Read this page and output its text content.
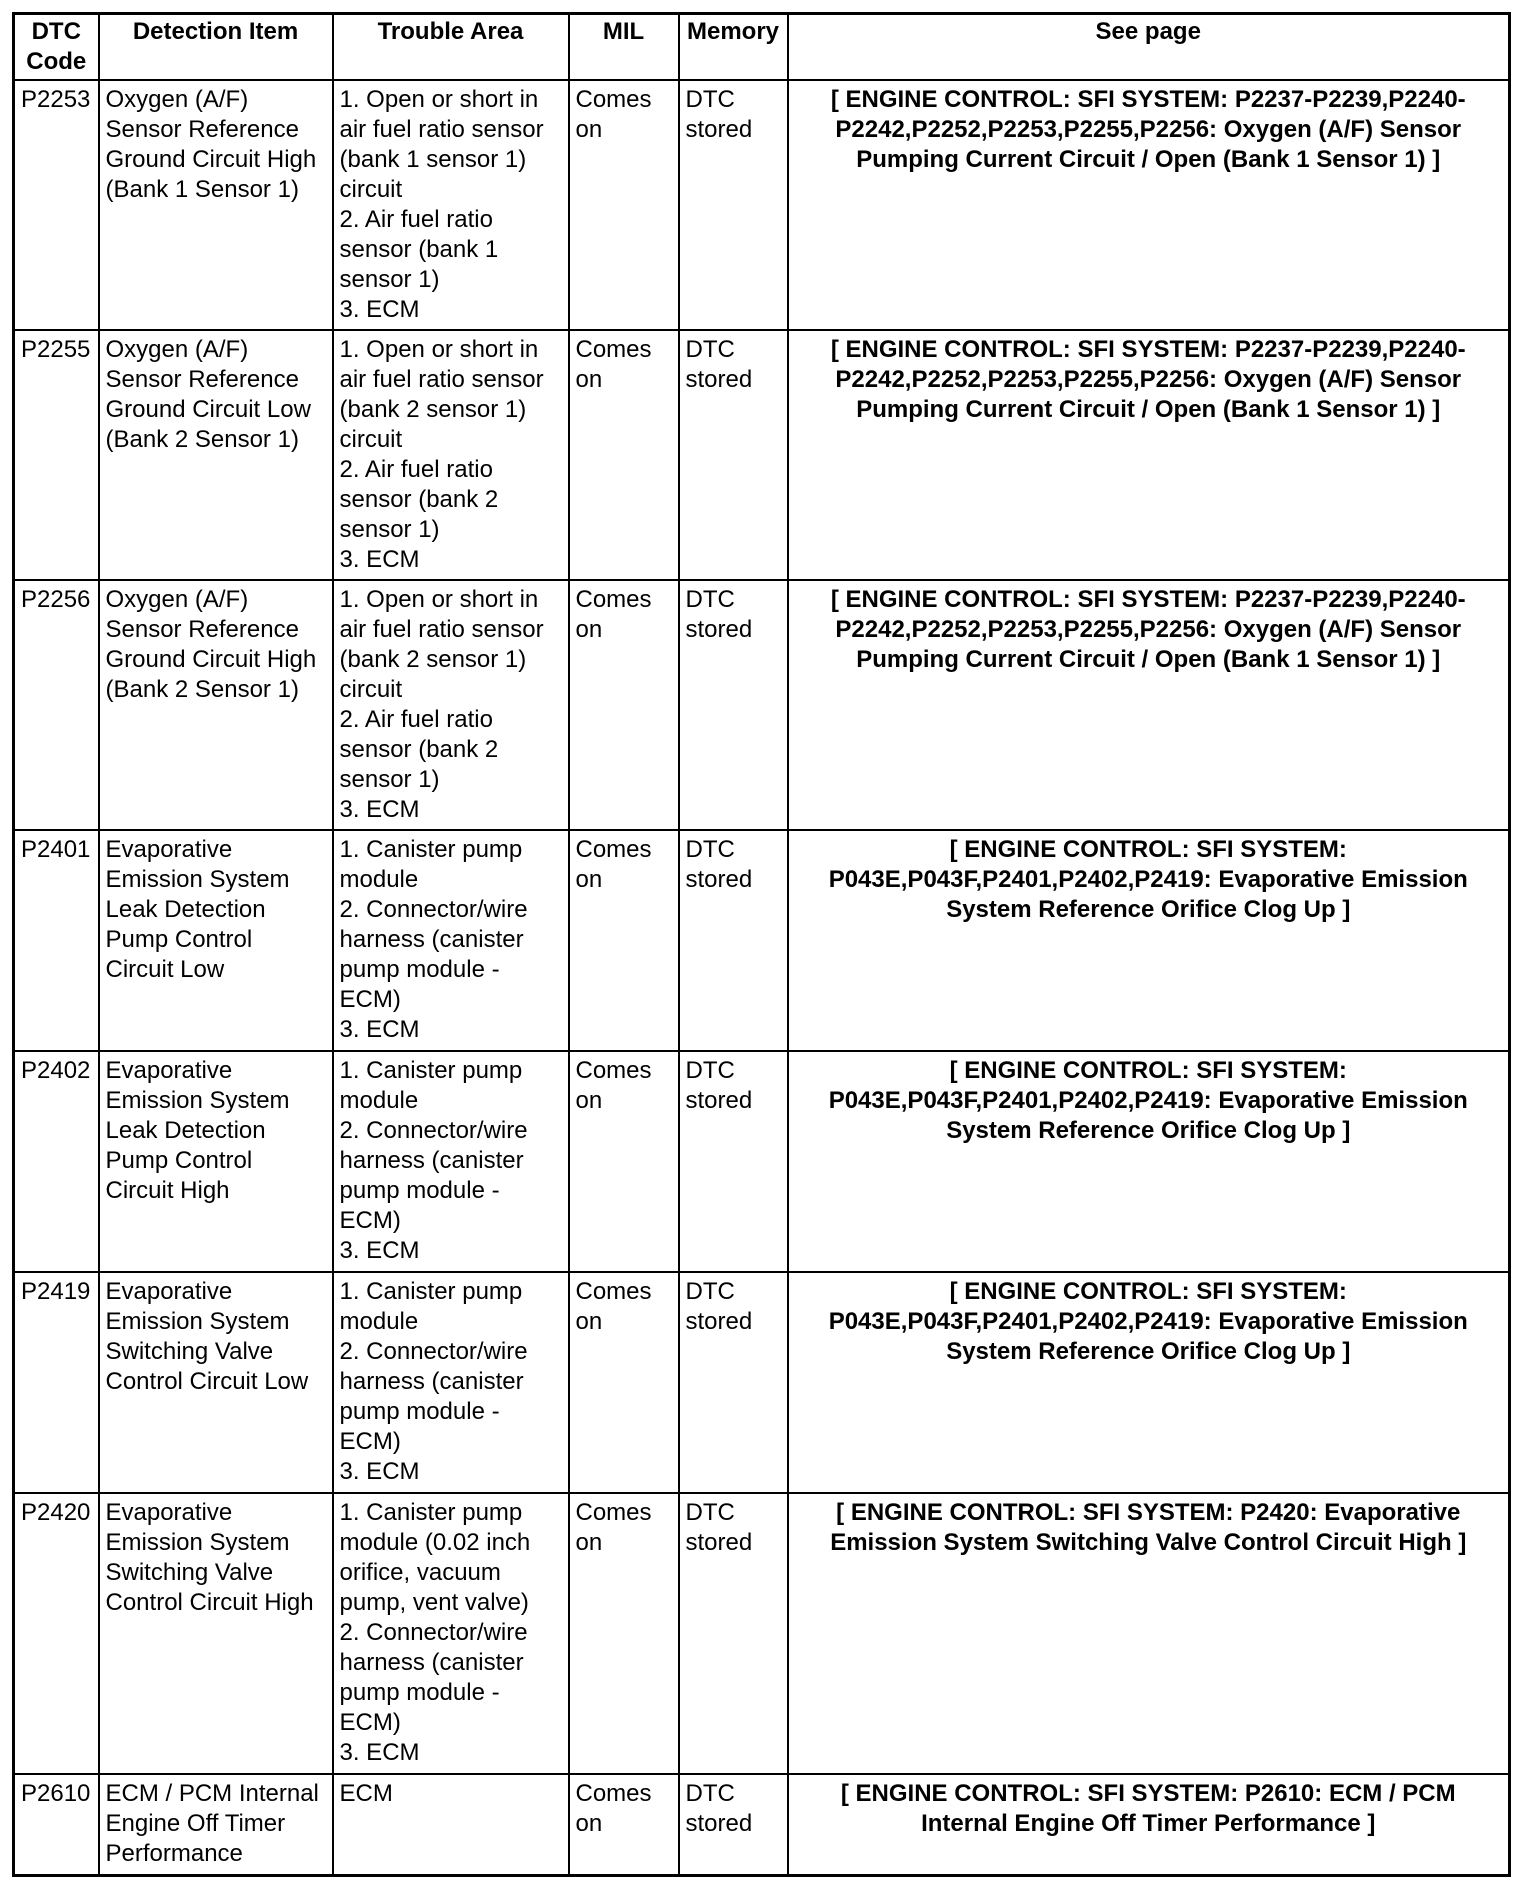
DTC Code	Detection Item	Trouble Area	MIL	Memory	See page
P2253	Oxygen (A/F) Sensor Reference Ground Circuit High (Bank 1 Sensor 1)	1. Open or short in air fuel ratio sensor (bank 1 sensor 1) circuit
2. Air fuel ratio sensor (bank 1 sensor 1)
3. ECM	Comes on	DTC stored	[ ENGINE CONTROL: SFI SYSTEM: P2237-P2239,P2240-P2242,P2252,P2253,P2255,P2256: Oxygen (A/F) Sensor Pumping Current Circuit / Open (Bank 1 Sensor 1) ]
P2255	Oxygen (A/F) Sensor Reference Ground Circuit Low (Bank 2 Sensor 1)	1. Open or short in air fuel ratio sensor (bank 2 sensor 1) circuit
2. Air fuel ratio sensor (bank 2 sensor 1)
3. ECM	Comes on	DTC stored	[ ENGINE CONTROL: SFI SYSTEM: P2237-P2239,P2240-P2242,P2252,P2253,P2255,P2256: Oxygen (A/F) Sensor Pumping Current Circuit / Open (Bank 1 Sensor 1) ]
P2256	Oxygen (A/F) Sensor Reference Ground Circuit High (Bank 2 Sensor 1)	1. Open or short in air fuel ratio sensor (bank 2 sensor 1) circuit
2. Air fuel ratio sensor (bank 2 sensor 1)
3. ECM	Comes on	DTC stored	[ ENGINE CONTROL: SFI SYSTEM: P2237-P2239,P2240-P2242,P2252,P2253,P2255,P2256: Oxygen (A/F) Sensor Pumping Current Circuit / Open (Bank 1 Sensor 1) ]
P2401	Evaporative Emission System Leak Detection Pump Control Circuit Low	1. Canister pump module
2. Connector/wire harness (canister pump module - ECM)
3. ECM	Comes on	DTC stored	[ ENGINE CONTROL: SFI SYSTEM: P043E,P043F,P2401,P2402,P2419: Evaporative Emission System Reference Orifice Clog Up ]
P2402	Evaporative Emission System Leak Detection Pump Control Circuit High	1. Canister pump module
2. Connector/wire harness (canister pump module - ECM)
3. ECM	Comes on	DTC stored	[ ENGINE CONTROL: SFI SYSTEM: P043E,P043F,P2401,P2402,P2419: Evaporative Emission System Reference Orifice Clog Up ]
P2419	Evaporative Emission System Switching Valve Control Circuit Low	1. Canister pump module
2. Connector/wire harness (canister pump module - ECM)
3. ECM	Comes on	DTC stored	[ ENGINE CONTROL: SFI SYSTEM: P043E,P043F,P2401,P2402,P2419: Evaporative Emission System Reference Orifice Clog Up ]
P2420	Evaporative Emission System Switching Valve Control Circuit High	1. Canister pump module (0.02 inch orifice, vacuum pump, vent valve)
2. Connector/wire harness (canister pump module - ECM)
3. ECM	Comes on	DTC stored	[ ENGINE CONTROL: SFI SYSTEM: P2420: Evaporative Emission System Switching Valve Control Circuit High ]
P2610	ECM / PCM Internal Engine Off Timer Performance	ECM	Comes on	DTC stored	[ ENGINE CONTROL: SFI SYSTEM: P2610: ECM / PCM Internal Engine Off Timer Performance ]
